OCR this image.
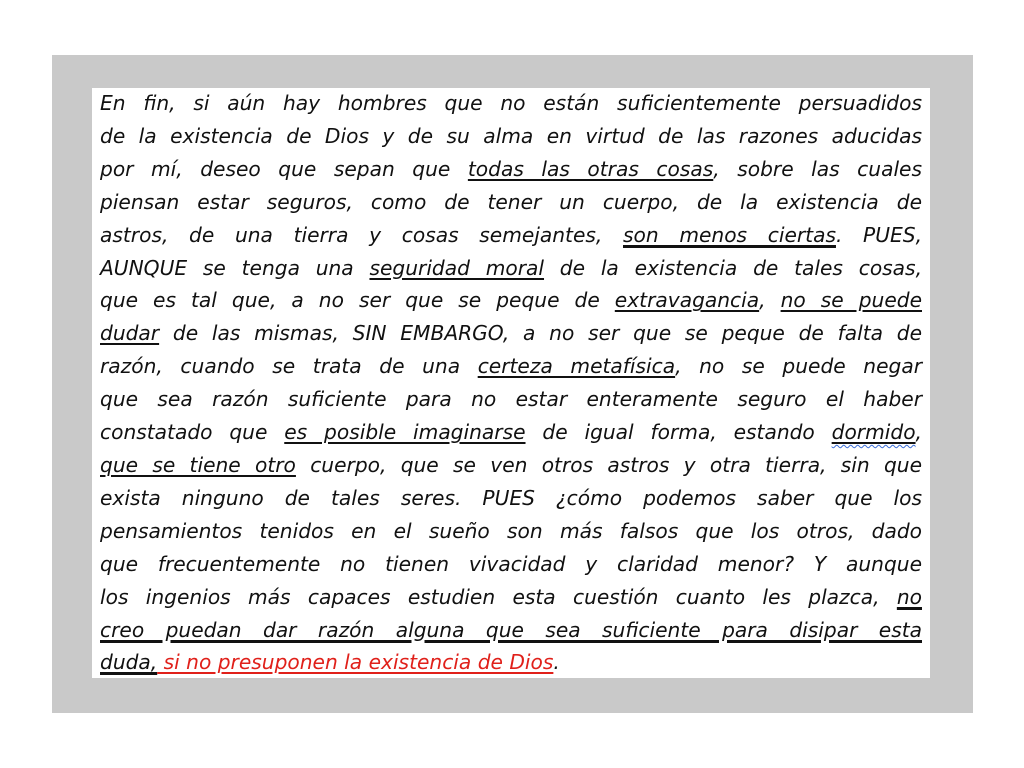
En fin, si aún hay hombres que no están suficientemente persuadidos
de la existencia de Dios y de su alma en virtud de las razones aducidas
por mí, deseo que sepan que todas las otras cosas, sobre las cuales
piensan estar seguros, como de tener un cuerpo, de la existencia de
astros, de una tierra y cosas semejantes, son menos ciertas. PUES,
AUNQUE se tenga una seguridad moral de la existencia de tales cosas,
que es tal que, a no ser que se peque de extravagancia, no se puede
dudar de las mismas, SIN EMBARGO, a no ser que se peque de falta de
razón, cuando se trata de una certeza metafísica, no se puede negar
que sea razón suficiente para no estar enteramente seguro el haber
constatado que es posible imaginarse de igual forma, estando dormido,
que se tiene otro cuerpo, que se ven otros astros y otra tierra, sin que
exista ninguno de tales seres. PUES ¿cómo podemos saber que los
pensamientos tenidos en el sueño son más falsos que los otros, dado
que frecuentemente no tienen vivacidad y claridad menor? Y aunque
los ingenios más capaces estudien esta cuestión cuanto les plazca, no
creo puedan dar razón alguna que sea suficiente para disipar esta
duda, si no presuponen la existencia de Dios.
